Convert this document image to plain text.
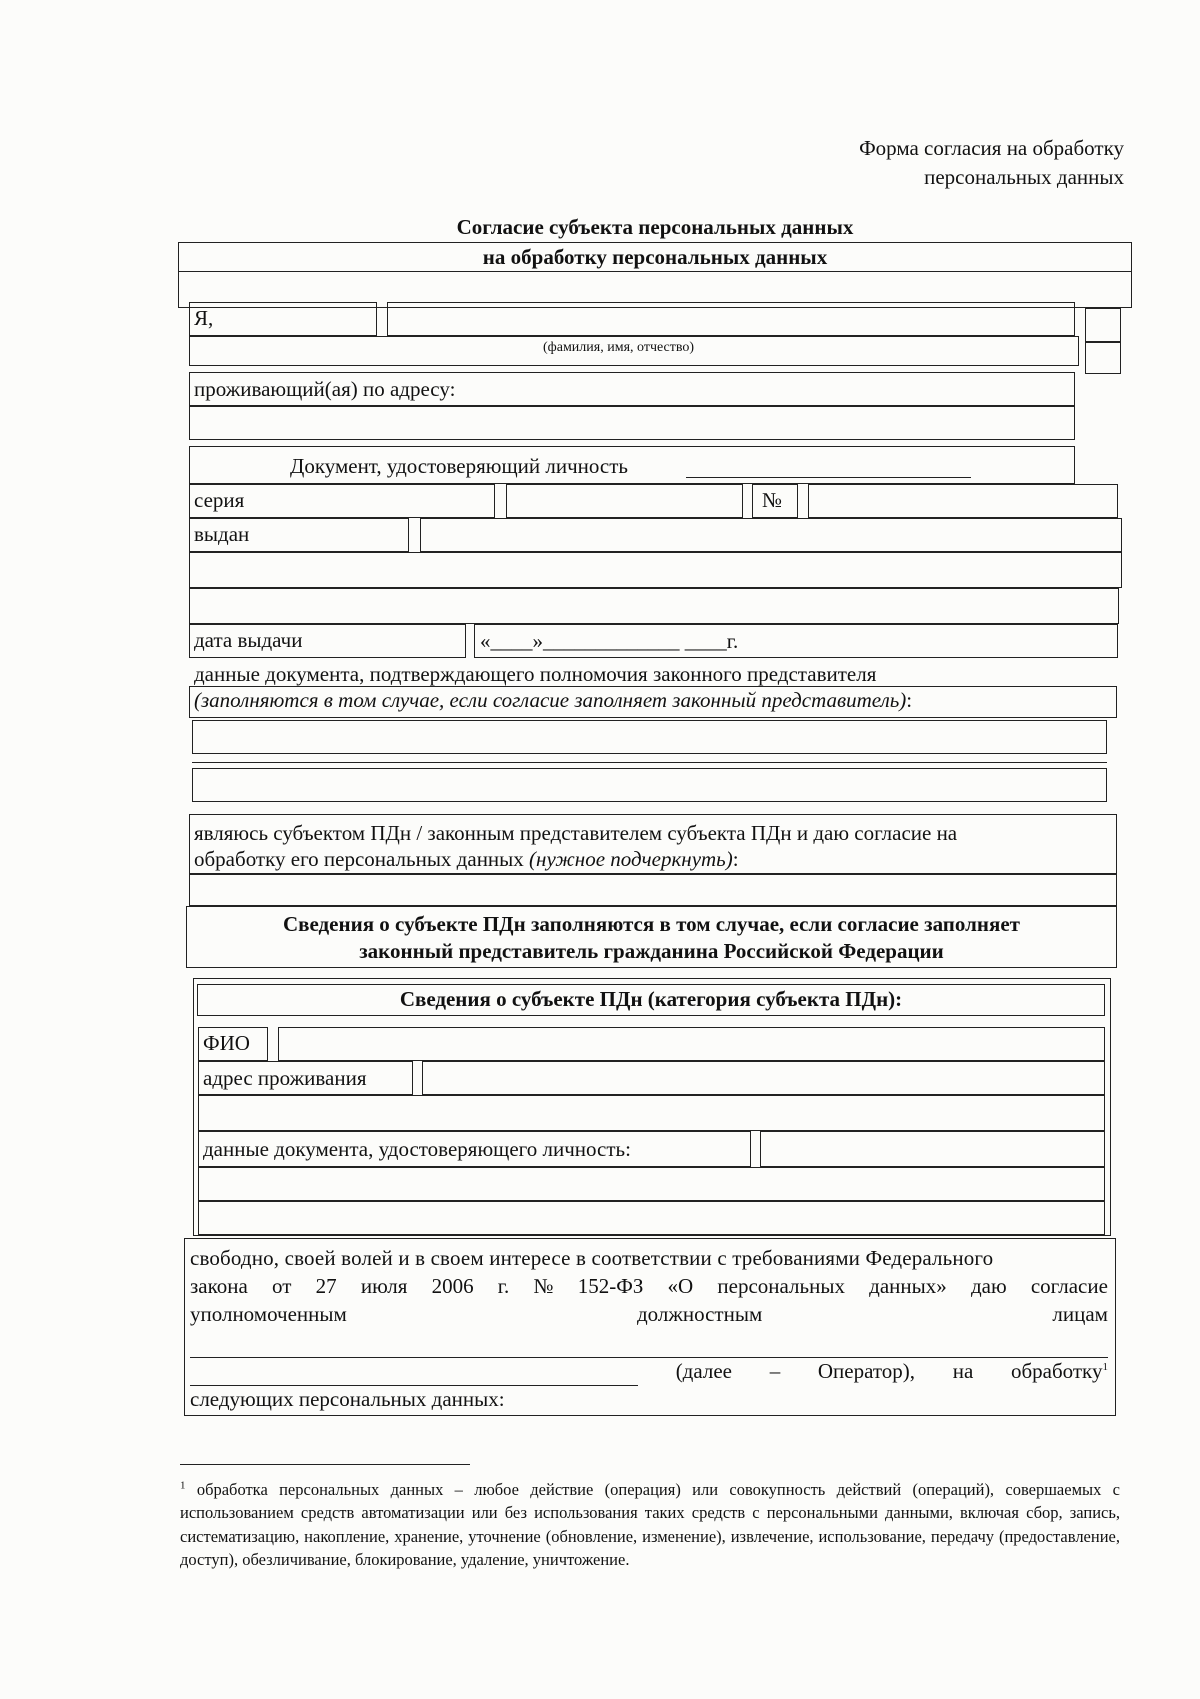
Форма согласия на обработку
персональных данных
Согласие субъекта персональных данных
на обработку персональных данных
Я,
(фамилия, имя, отчество)
проживающий(ая) по адресу:
Документ, удостоверяющий личность
серия	№
выдан
дата выдачи	«____»_____________ ____г.
данные документа, подтверждающего полномочия законного представителя
(заполняются в том случае, если согласие заполняет законный представитель):
являюсь субъектом ПДн / законным представителем субъекта ПДн и даю согласие на
обработку его персональных данных (нужное подчеркнуть):
Сведения о субъекте ПДн заполняются в том случае, если согласие заполняет
законный представитель гражданина Российской Федерации
Сведения о субъекте ПДн (категория субъекта ПДн):
ФИО
адрес проживания
данные документа, удостоверяющего личность:
свободно, своей волей и в своем интересе в соответствии с требованиями Федерального
закона от 27 июля 2006 г. № 152-ФЗ «О персональных данных» даю согласие
уполномоченным	должностным	лицам
(далее – Оператор), на обработку$^1$
следующих персональных данных:
$^1$ обработка персональных данных – любое действие (операция) или совокупность действий (операций), совершаемых с использованием средств автоматизации или без использования таких средств с персональными данными, включая сбор, запись, систематизацию, накопление, хранение, уточнение (обновление, изменение), извлечение, использование, передачу (предоставление, доступ), обезличивание, блокирование, удаление, уничтожение.
